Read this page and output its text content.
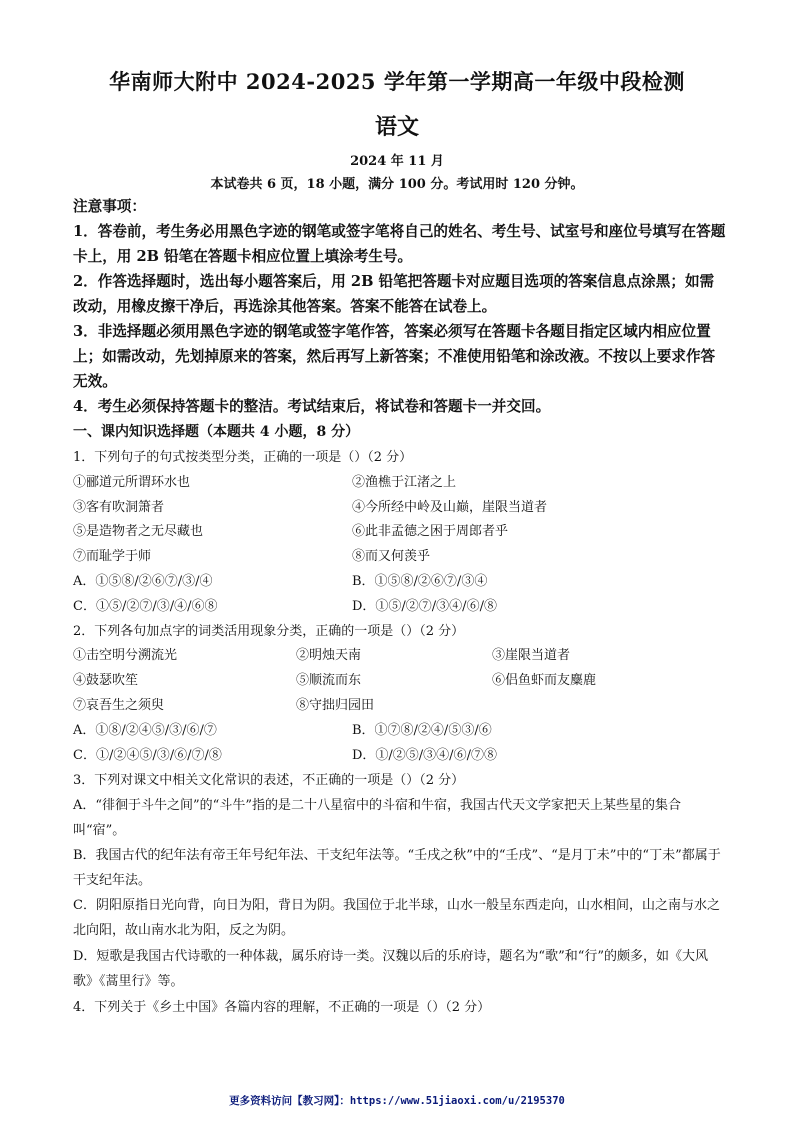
华南师大附中 2024-2025 学年第一学期高一年级中段检测
语文
2024 年 11 月
本试卷共 6 页，18 小题，满分 100 分。考试用时 120 分钟。

注意事项：

1．答卷前，考生务必用黑色字迹的钢笔或签字笔将自己的姓名、考生号、试室号和座位号填写在答题卡上，用 2B 铅笔在答题卡相应位置上填涂考生号。

2．作答选择题时，选出每小题答案后，用 2B 铅笔把答题卡对应题目选项的答案信息点涂黑；如需改动，用橡皮擦干净后，再选涂其他答案。答案不能答在试卷上。

3．非选择题必须用黑色字迹的钢笔或签字笔作答，答案必须写在答题卡各题目指定区域内相应位置上；如需改动，先划掉原来的答案，然后再写上新答案；不准使用铅笔和涂改液。不按以上要求作答无效。

4．考生必须保持答题卡的整洁。考试结束后，将试卷和答题卡一并交回。

一、课内知识选择题（本题共 4 小题，8 分）
1．下列句子的句式按类型分类，正确的一项是（）（2 分）
①郦道元所谓环水也	②渔樵于江渚之上
③客有吹洞箫者	④今所经中岭及山巅，崖限当道者
⑤是造物者之无尽藏也	⑥此非孟德之困于周郎者乎
⑦而耻学于师	⑧而又何羡乎
A．①⑤⑧/②⑥⑦/③/④	B．①⑤⑧/②⑥⑦/③④
C．①⑤/②⑦/③/④/⑥⑧	D．①⑤/②⑦/③④/⑥/⑧
2．下列各句加点字的词类活用现象分类，正确的一项是（）（2 分）
①击空明兮溯流光	②明烛天南	③崖限当道者
④鼓瑟吹笙	⑤顺流而东	⑥侣鱼虾而友麋鹿
⑦哀吾生之须臾	⑧守拙归园田
A．①⑧/②④⑤/③/⑥/⑦	B．①⑦⑧/②④/⑤③/⑥
C．①/②④⑤/③/⑥/⑦/⑧	D．①/②⑤/③④/⑥/⑦⑧
3．下列对课文中相关文化常识的表述，不正确的一项是（）（2 分）
A．“徘徊于斗牛之间”的“斗牛”指的是二十八星宿中的斗宿和牛宿，我国古代天文学家把天上某些星的集合叫“宿”。
B．我国古代的纪年法有帝王年号纪年法、干支纪年法等。“壬戌之秋”中的“壬戌”、“是月丁未”中的“丁未”都属于干支纪年法。
C．阴阳原指日光向背，向日为阳，背日为阴。我国位于北半球，山水一般呈东西走向，山水相间，山之南与水之北向阳，故山南水北为阳，反之为阴。
D．短歌是我国古代诗歌的一种体裁，属乐府诗一类。汉魏以后的乐府诗，题名为“歌”和“行”的颇多，如《大风歌》《蒿里行》等。
4．下列关于《乡土中国》各篇内容的理解，不正确的一项是（）（2 分）
更多资料访问【教习网】：https://www.51jiaoxi.com/u/2195370
